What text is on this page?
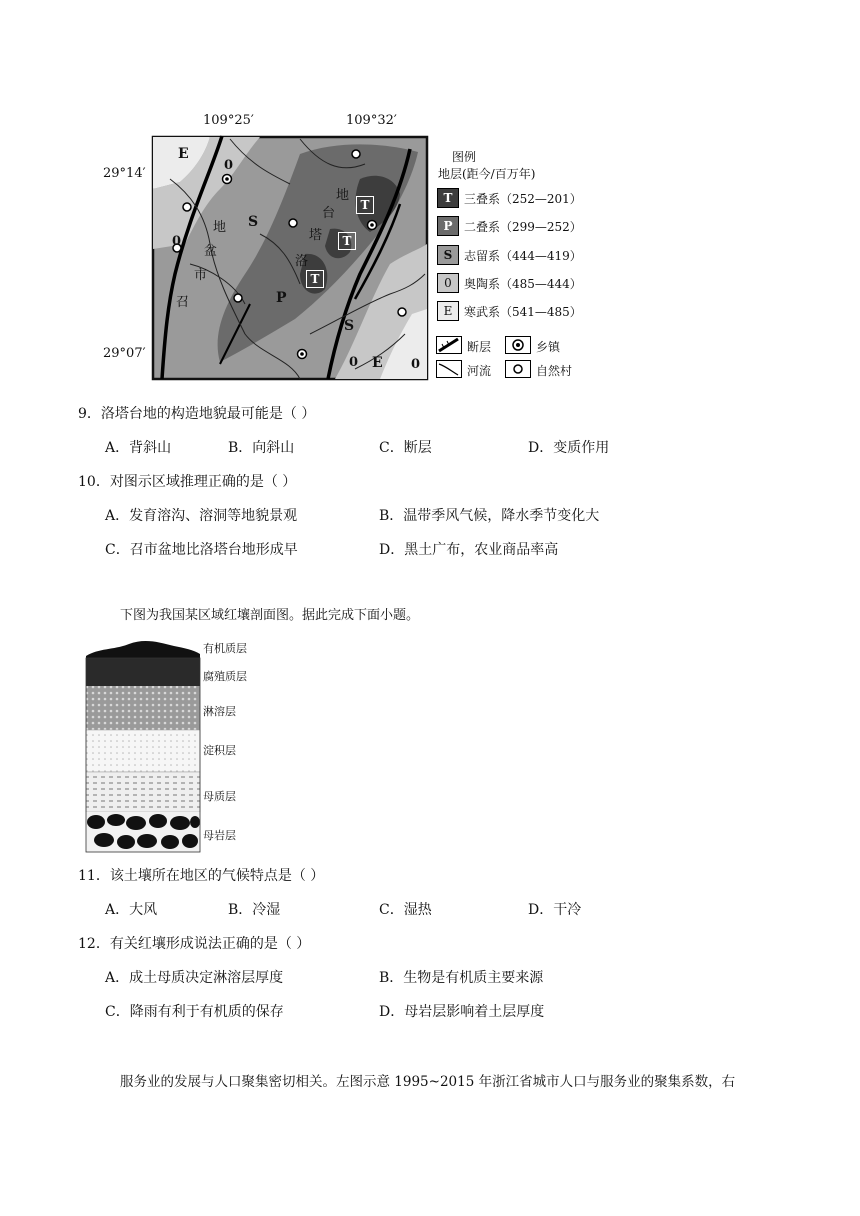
109°25′	109°32′
29°14′
29°07′
E
0
0
S
P
S
E
0	0
T
T
T
地
盆
市
召
地
台
塔
洛
图例
地层(距今/百万年)
T 三叠系（252—201）
P 二叠系（299—252）
S 志留系（444—419）
0	奥陶系（485—444）
E 寒武系（541—485）
断层	乡镇
河流	自然村
9．洛塔台地的构造地貌最可能是（ ）
A．背斜山	B．向斜山	C．断层	D．变质作用
10．对图示区域推理正确的是（ ）
A．发育溶沟、溶洞等地貌景观	B．温带季风气候，降水季节变化大
C．召市盆地比洛塔台地形成早	D．黑土广布，农业商品率高
下图为我国某区域红壤剖面图。据此完成下面小题。
有机质层
腐殖质层
淋溶层
淀积层
母质层
母岩层
11．该土壤所在地区的气候特点是（ ）
A．大风	B．冷湿	C．湿热	D．干冷
12．有关红壤形成说法正确的是（ ）
A．成土母质决定淋溶层厚度	B．生物是有机质主要来源
C．降雨有利于有机质的保存	D．母岩层影响着土层厚度
服务业的发展与人口聚集密切相关。左图示意 1995~2015 年浙江省城市人口与服务业的聚集系数，右
